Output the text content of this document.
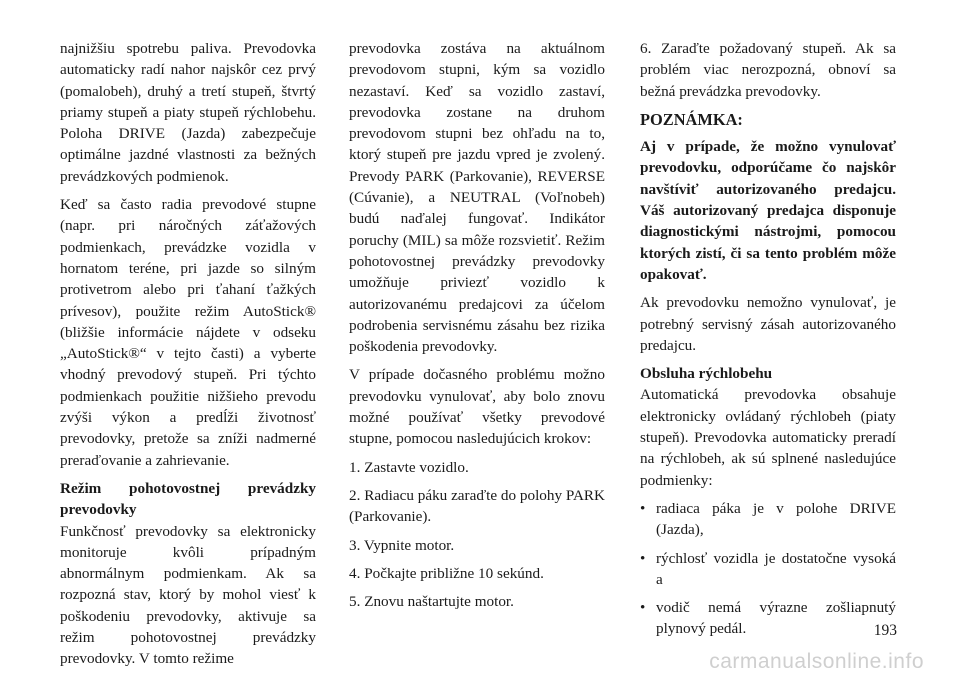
najnižšiu spotrebu paliva. Prevodovka automaticky radí nahor najskôr cez prvý (pomalobeh), druhý a tretí stupeň, štvrtý priamy stupeň a piaty stupeň rýchlobehu. Poloha DRIVE (Jazda) zabezpečuje optimálne jazdné vlastnosti za bežných prevádzkových podmienok.

Keď sa často radia prevodové stupne (napr. pri náročných záťažových podmienkach, prevádzke vozidla v hornatom teréne, pri jazde so silným protivetrom alebo pri ťahaní ťažkých prívesov), použite režim AutoStick® (bližšie informácie nájdete v odseku „AutoStick®“ v tejto časti) a vyberte vhodný prevodový stupeň. Pri týchto podmienkach použitie nižšieho prevodu zvýši výkon a predĺži životnosť prevodovky, pretože sa zníži nadmerné preraďovanie a zahrievanie.

Režim pohotovostnej prevádzky prevodovky

Funkčnosť prevodovky sa elektronicky monitoruje kvôli prípadným abnormálnym podmienkam. Ak sa rozpozná stav, ktorý by mohol viesť k poškodeniu prevodovky, aktivuje sa režim pohotovostnej prevádzky prevodovky. V tomto režime

prevodovka zostáva na aktuálnom prevodovom stupni, kým sa vozidlo nezastaví. Keď sa vozidlo zastaví, prevodovka zostane na druhom prevodovom stupni bez ohľadu na to, ktorý stupeň pre jazdu vpred je zvolený. Prevody PARK (Parkovanie), REVERSE (Cúvanie), a NEUTRAL (Voľnobeh) budú naďalej fungovať. Indikátor poruchy (MIL) sa môže rozsvietiť. Režim pohotovostnej prevádzky prevodovky umožňuje priviezť vozidlo k autorizovanému predajcovi za účelom podrobenia servisnému zásahu bez rizika poškodenia prevodovky.

V prípade dočasného problému možno prevodovku vynulovať, aby bolo znovu možné používať všetky prevodové stupne, pomocou nasledujúcich krokov:

1. Zastavte vozidlo.
2. Radiacu páku zaraďte do polohy PARK (Parkovanie).
3. Vypnite motor.
4. Počkajte približne 10 sekúnd.
5. Znovu naštartujte motor.

6. Zaraďte požadovaný stupeň. Ak sa problém viac nerozpozná, obnoví sa bežná prevádzka prevodovky.

POZNÁMKA:

Aj v prípade, že možno vynulovať prevodovku, odporúčame čo najskôr navštíviť autorizovaného predajcu. Váš autorizovaný predajca disponuje diagnostickými nástrojmi, pomocou ktorých zistí, či sa tento problém môže opakovať.

Ak prevodovku nemožno vynulovať, je potrebný servisný zásah autorizovaného predajcu.

Obsluha rýchlobehu

Automatická prevodovka obsahuje elektronicky ovládaný rýchlobeh (piaty stupeň). Prevodovka automaticky preradí na rýchlobeh, ak sú splnené nasledujúce podmienky:

• radiaca páka je v polohe DRIVE (Jazda),
• rýchlosť vozidla je dostatočne vysoká a
• vodič nemá výrazne zošliapnutý plynový pedál.	193
carmanualsonline.info
